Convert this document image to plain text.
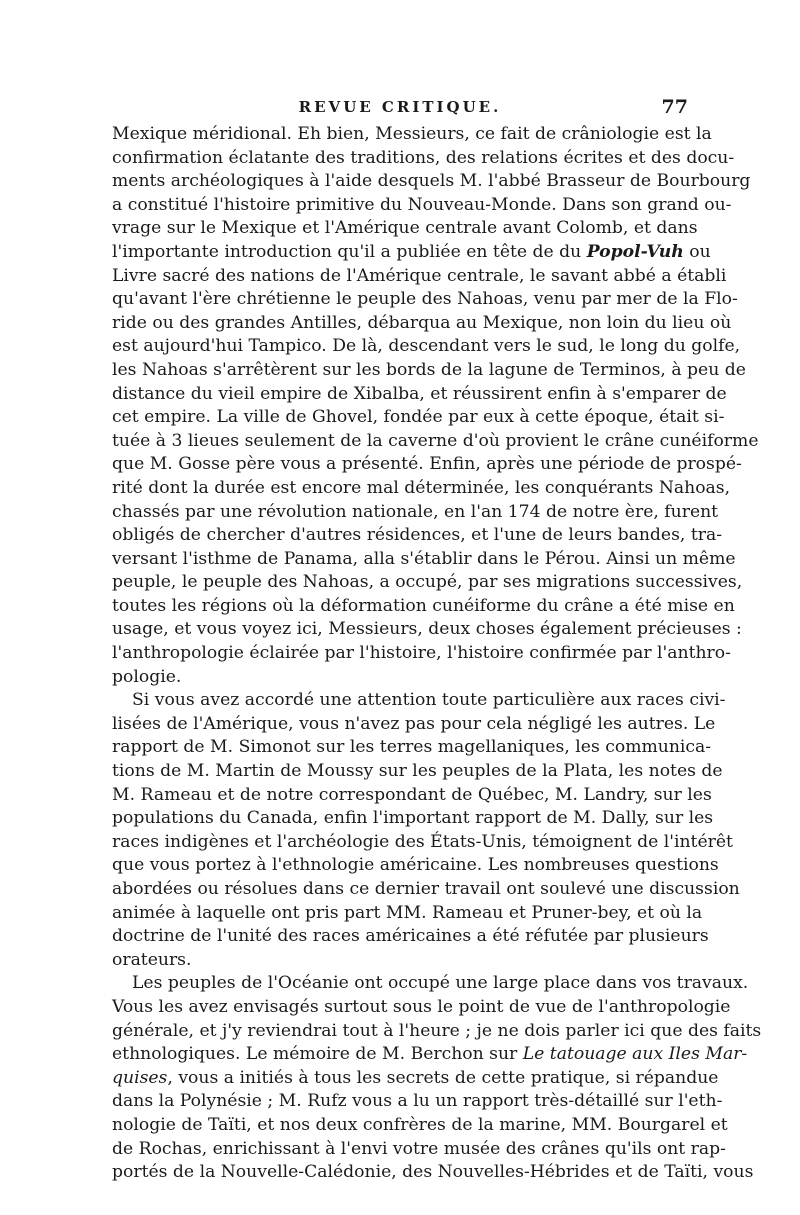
REVUE CRITIQUE.	77
Mexique méridional. Eh bien, Messieurs, ce fait de crâniologie est la
confirmation éclatante des traditions, des relations écrites et des docu-
ments archéologiques à l'aide desquels M. l'abbé Brasseur de Bourbourg
a constitué l'histoire primitive du Nouveau-Monde. Dans son grand ou-
vrage sur le Mexique et l'Amérique centrale avant Colomb, et dans
l'importante introduction qu'il a publiée en tête de du Popol-Vuh ou
Livre sacré des nations de l'Amérique centrale, le savant abbé a établi
qu'avant l'ère chrétienne le peuple des Nahoas, venu par mer de la Flo-
ride ou des grandes Antilles, débarqua au Mexique, non loin du lieu où
est aujourd'hui Tampico. De là, descendant vers le sud, le long du golfe,
les Nahoas s'arrêtèrent sur les bords de la lagune de Terminos, à peu de
distance du vieil empire de Xibalba, et réussirent enfin à s'emparer de
cet empire. La ville de Ghovel, fondée par eux à cette époque, était si-
tuée à 3 lieues seulement de la caverne d'où provient le crâne cunéiforme
que M. Gosse père vous a présenté. Enfin, après une période de prospé-
rité dont la durée est encore mal déterminée, les conquérants Nahoas,
chassés par une révolution nationale, en l'an 174 de notre ère, furent
obligés de chercher d'autres résidences, et l'une de leurs bandes, tra-
versant l'isthme de Panama, alla s'établir dans le Pérou. Ainsi un même
peuple, le peuple des Nahoas, a occupé, par ses migrations successives,
toutes les régions où la déformation cunéiforme du crâne a été mise en
usage, et vous voyez ici, Messieurs, deux choses également précieuses :
l'anthropologie éclairée par l'histoire, l'histoire confirmée par l'anthro-
pologie.
Si vous avez accordé une attention toute particulière aux races civi-
lisées de l'Amérique, vous n'avez pas pour cela négligé les autres. Le
rapport de M. Simonot sur les terres magellaniques, les communica-
tions de M. Martin de Moussy sur les peuples de la Plata, les notes de
M. Rameau et de notre correspondant de Québec, M. Landry, sur les
populations du Canada, enfin l'important rapport de M. Dally, sur les
races indigènes et l'archéologie des États-Unis, témoignent de l'intérêt
que vous portez à l'ethnologie américaine. Les nombreuses questions
abordées ou résolues dans ce dernier travail ont soulevé une discussion
animée à laquelle ont pris part MM. Rameau et Pruner-bey, et où la
doctrine de l'unité des races américaines a été réfutée par plusieurs
orateurs.
Les peuples de l'Océanie ont occupé une large place dans vos travaux.
Vous les avez envisagés surtout sous le point de vue de l'anthropologie
générale, et j'y reviendrai tout à l'heure ; je ne dois parler ici que des faits
ethnologiques. Le mémoire de M. Berchon sur Le tatouage aux Iles Mar-
quises, vous a initiés à tous les secrets de cette pratique, si répandue
dans la Polynésie ; M. Rufz vous a lu un rapport très-détaillé sur l'eth-
nologie de Taïti, et nos deux confrères de la marine, MM. Bourgarel et
de Rochas, enrichissant à l'envi votre musée des crânes qu'ils ont rap-
portés de la Nouvelle-Calédonie, des Nouvelles-Hébrides et de Taïti, vous
